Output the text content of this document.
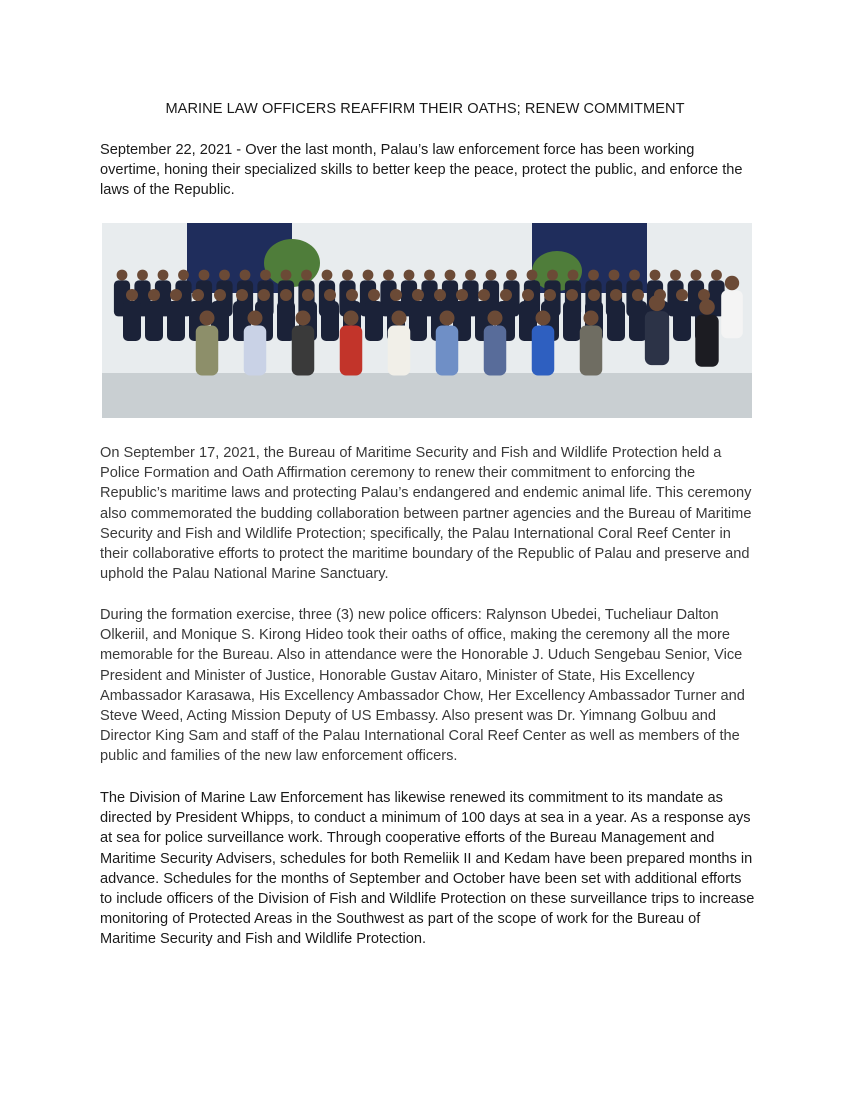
MARINE LAW OFFICERS REAFFIRM THEIR OATHS; RENEW COMMITMENT

September 22, 2021 - Over the last month, Palau’s law enforcement force has been working overtime, honing their specialized skills to better keep the peace, protect the public, and enforce the laws of the Republic.

On September 17, 2021, the Bureau of Maritime Security and Fish and Wildlife Protection held a Police Formation and Oath Affirmation ceremony to renew their commitment to enforcing the Republic’s maritime laws and protecting Palau’s endangered and endemic animal life. This ceremony also commemorated the budding collaboration between partner agencies and the Bureau of Maritime Security and Fish and Wildlife Protection; specifically, the Palau International Coral Reef Center in their collaborative efforts to protect the maritime boundary of the Republic of Palau and preserve and uphold the Palau National Marine Sanctuary.

During the formation exercise, three (3) new police officers: Ralynson Ubedei, Tucheliaur Dalton Olkeriil, and Monique S. Kirong Hideo took their oaths of office, making the ceremony all the more memorable for the Bureau. Also in attendance were the Honorable J. Uduch Sengebau Senior, Vice President and Minister of Justice, Honorable Gustav Aitaro, Minister of State, His Excellency Ambassador Karasawa, His Excellency Ambassador Chow, Her Excellency Ambassador Turner and Steve Weed, Acting Mission Deputy of US Embassy. Also present was Dr. Yimnang Golbuu and Director King Sam and staff of the Palau International Coral Reef Center as well as members of the public and families of the new law enforcement officers.

The Division of Marine Law Enforcement has likewise renewed its commitment to its mandate as directed by President Whipps, to conduct a minimum of 100 days at sea in a year. As a response ays at sea for police surveillance work. Through cooperative efforts of the Bureau Management and Maritime Security Advisers, schedules for both Remeliik II and Kedam have been prepared months in advance. Schedules for the months of September and October have been set with additional efforts to include officers of the Division of Fish and Wildlife Protection on these surveillance trips to increase monitoring of Protected Areas in the Southwest as part of the scope of work for the Bureau of Maritime Security and Fish and Wildlife Protection.
